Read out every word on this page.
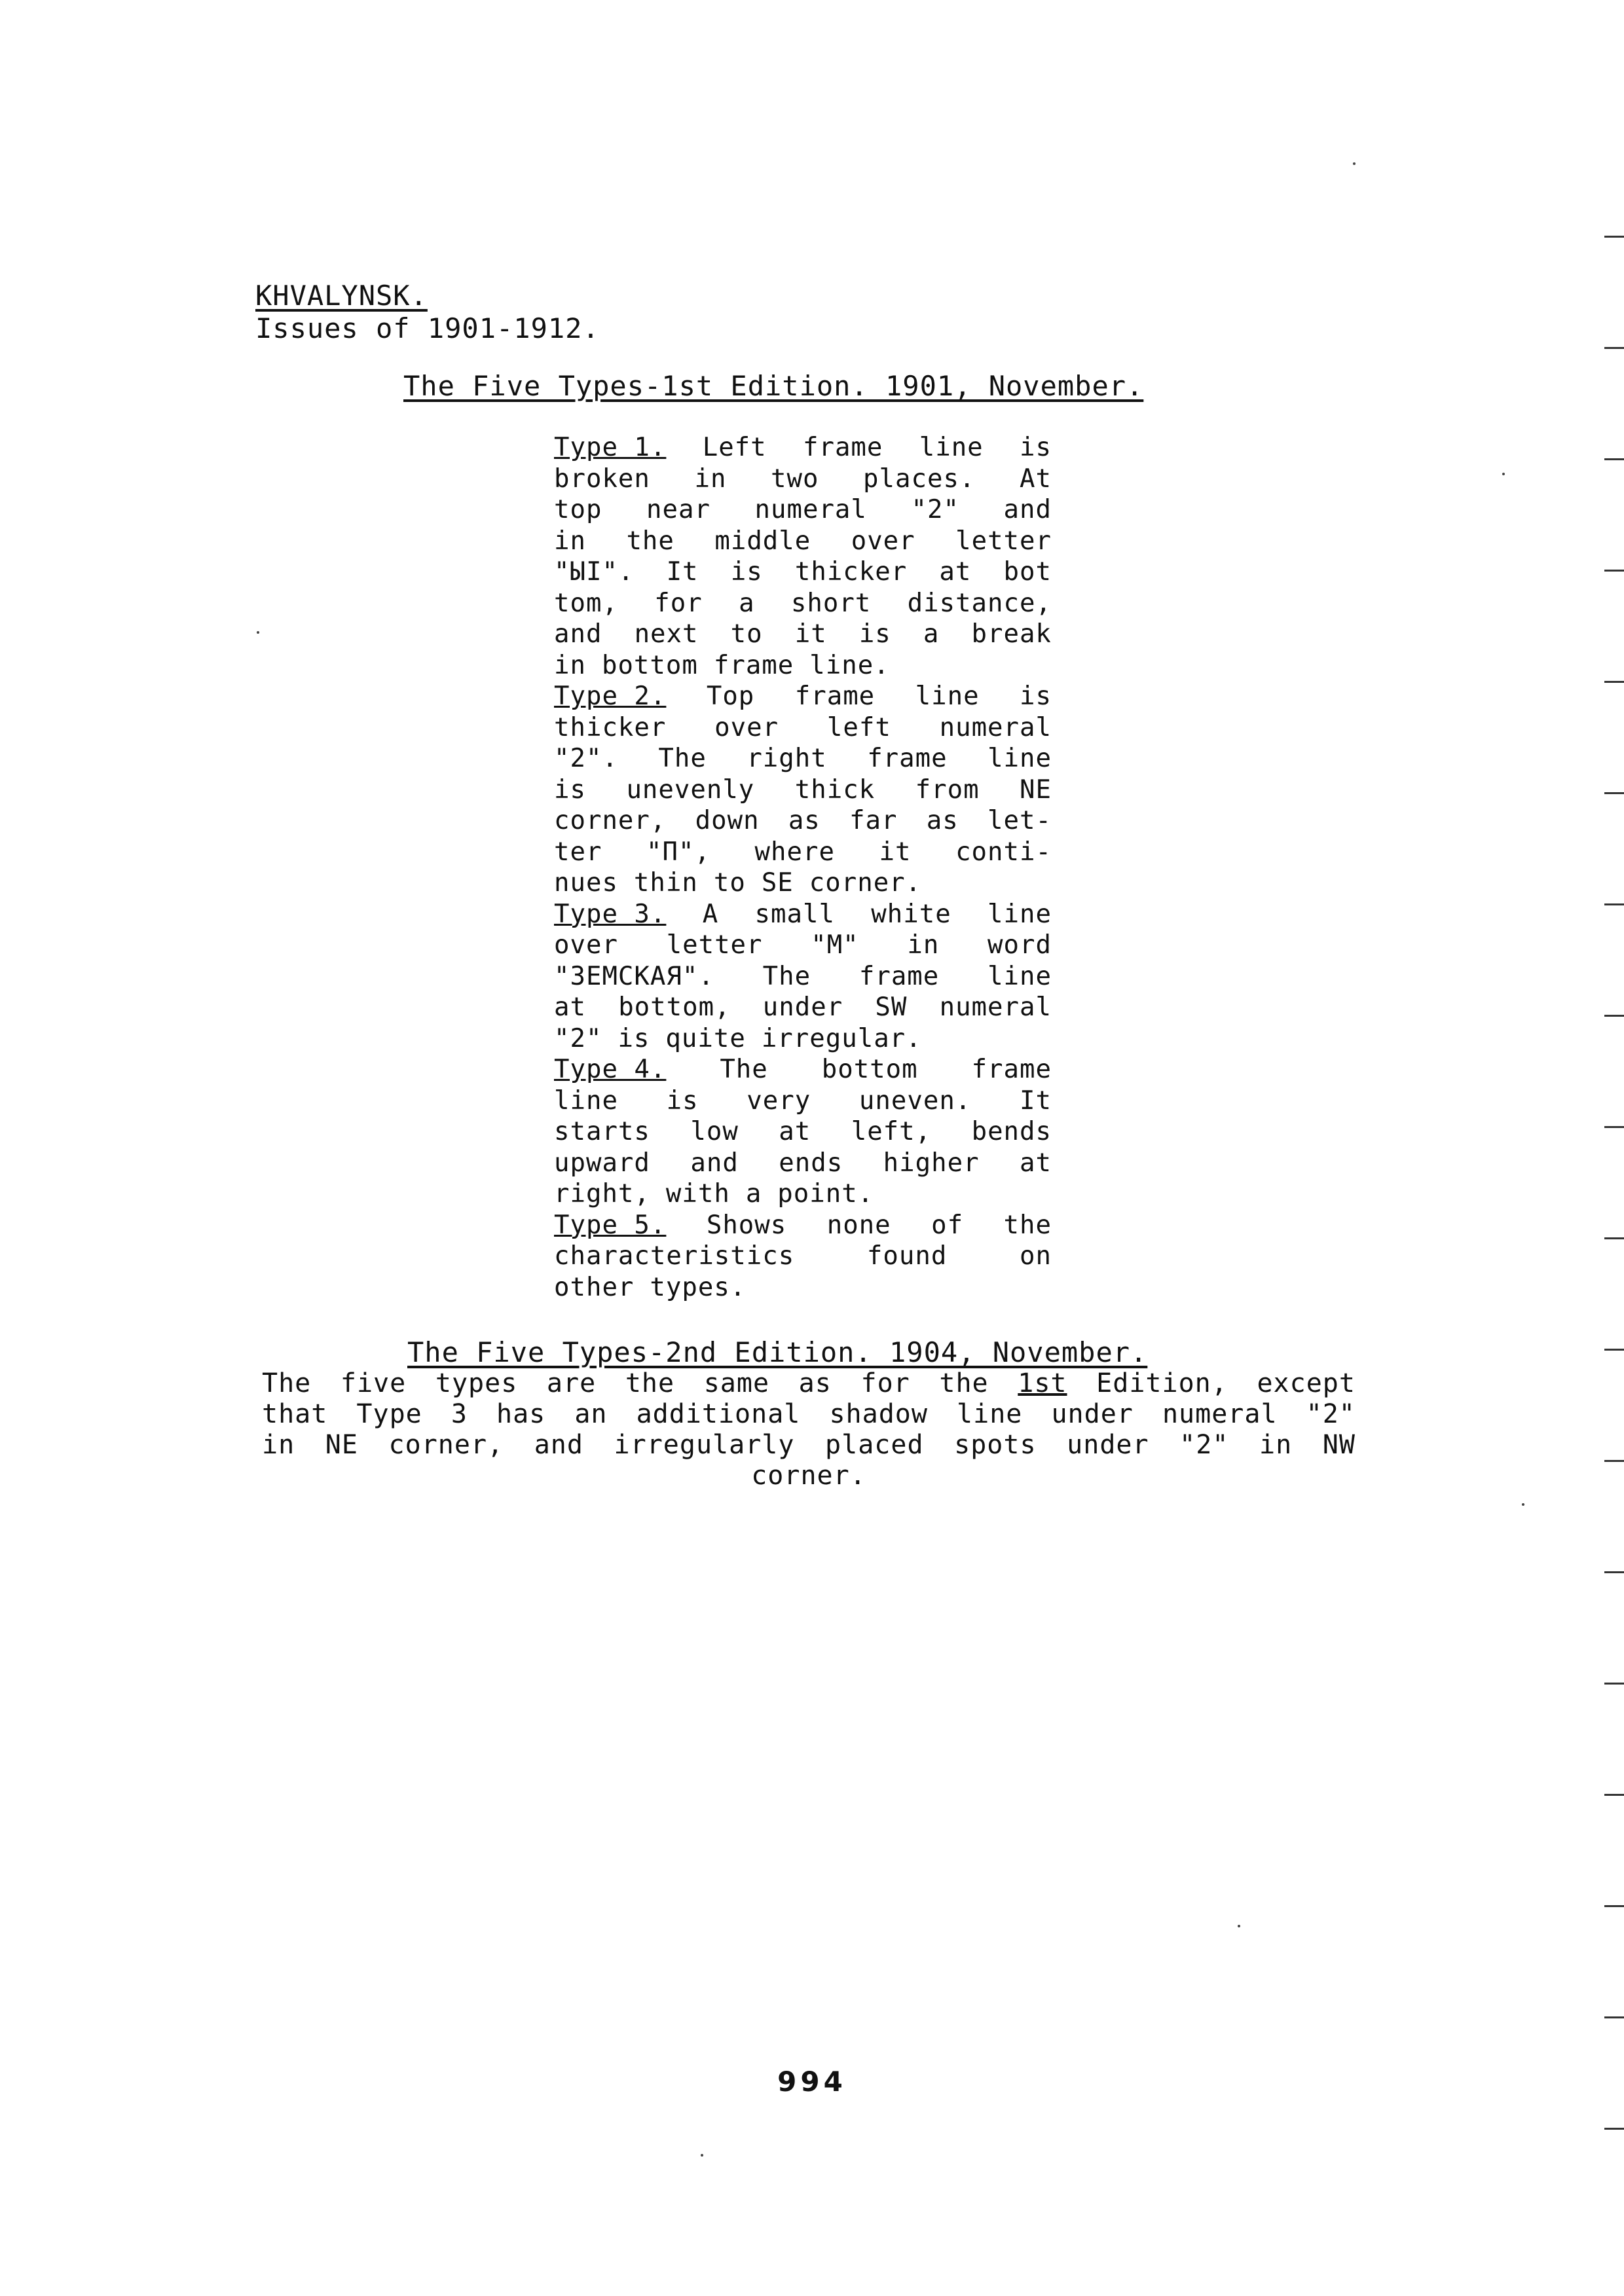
KHVALYNSK.
Issues of 1901-1912.
The Five Types-1st Edition. 1901, November.
Type 1. Left frame line is
broken in two places. At
top near numeral "2" and
in the middle over letter
"ЫI". It is thicker at bot
tom, for a short distance,
and next to it is a break
in bottom frame line.
Type 2. Top frame line is
thicker over left numeral
"2". The right frame line
is unevenly thick from NE
corner, down as far as let-
ter "П", where it conti-
nues thin to SE corner.
Type 3. A small white line
over letter "M" in word
"ЗЕМСКАЯ". The frame line
at bottom, under SW numeral
"2" is quite irregular.
Type 4. The bottom frame
line is very uneven. It
starts low at left, bends
upward and ends higher at
right, with a point.
Type 5. Shows none of the
characteristics	found	on
other types.
The Five Types-2nd Edition. 1904, November.
The five types are the same as for the 1st Edition, except
that Type 3 has an additional shadow line under numeral "2"
in NE corner, and irregularly placed spots under "2" in NW
corner.
994
